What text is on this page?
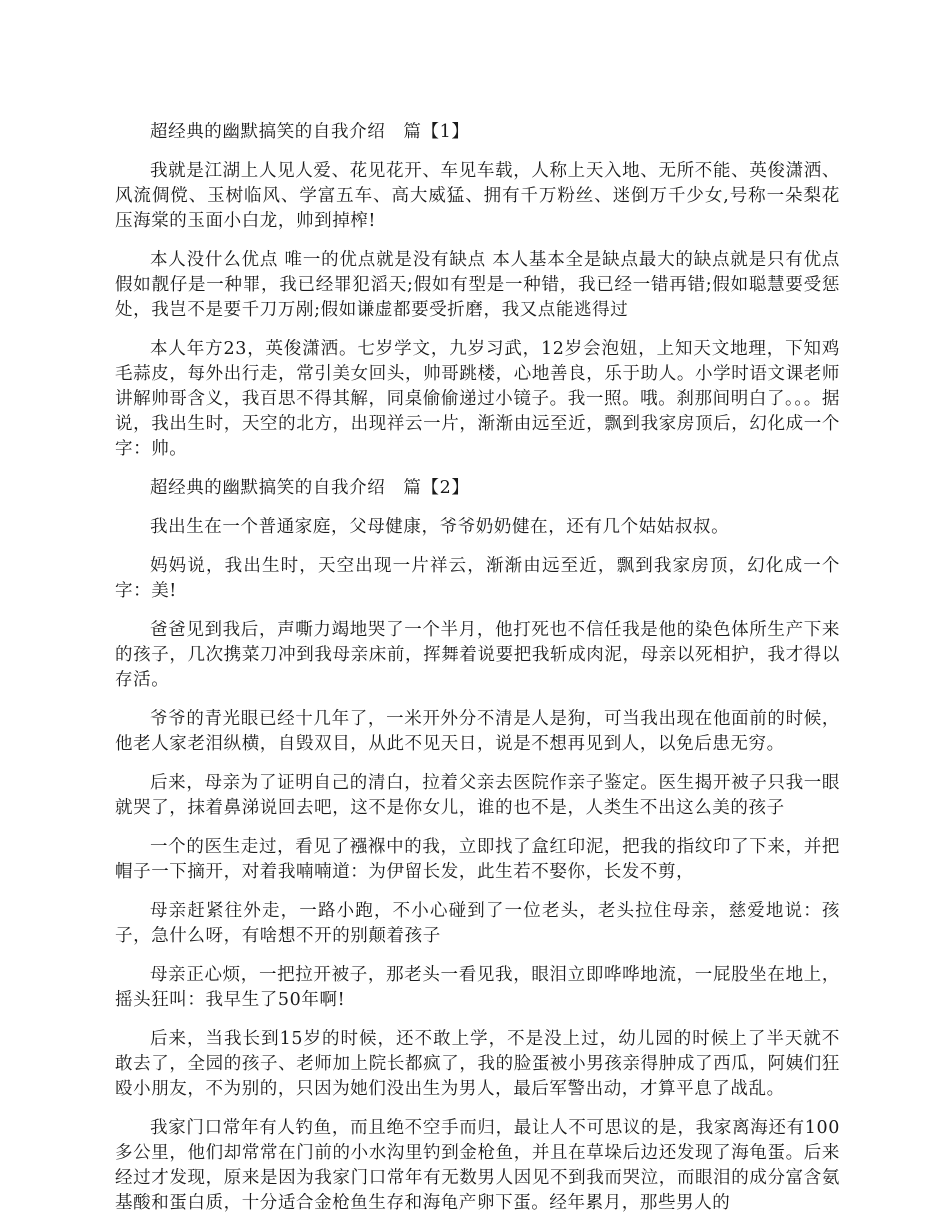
超经典的幽默搞笑的自我介绍　篇【1】

我就是江湖上人见人爱、花见花开、车见车载，人称上天入地、无所不能、英俊潇洒、风流倜傥、玉树临风、学富五车、高大威猛、拥有千万粉丝、迷倒万千少女,号称一朵梨花压海棠的玉面小白龙，帅到掉榨!

本人没什么优点 唯一的优点就是没有缺点 本人基本全是缺点最大的缺点就是只有优点假如靓仔是一种罪，我已经罪犯滔天;假如有型是一种错，我已经一错再错;假如聪慧要受惩处，我岂不是要千刀万剐;假如谦虚都要受折磨，我又点能逃得过

本人年方23，英俊潇洒。七岁学文，九岁习武，12岁会泡妞，上知天文地理，下知鸡毛蒜皮，每外出行走，常引美女回头，帅哥跳楼，心地善良，乐于助人。小学时语文课老师讲解帅哥含义，我百思不得其解，同桌偷偷递过小镜子。我一照。哦。刹那间明白了。。。据说，我出生时，天空的北方，出现祥云一片，渐渐由远至近，飘到我家房顶后，幻化成一个字：帅。

超经典的幽默搞笑的自我介绍　篇【2】

我出生在一个普通家庭，父母健康，爷爷奶奶健在，还有几个姑姑叔叔。

妈妈说，我出生时，天空出现一片祥云，渐渐由远至近，飘到我家房顶，幻化成一个字：美!

爸爸见到我后，声嘶力竭地哭了一个半月，他打死也不信任我是他的染色体所生产下来的孩子，几次携菜刀冲到我母亲床前，挥舞着说要把我斩成肉泥，母亲以死相护，我才得以存活。

爷爷的青光眼已经十几年了，一米开外分不清是人是狗，可当我出现在他面前的时候，他老人家老泪纵横，自毁双目，从此不见天日，说是不想再见到人，以免后患无穷。

后来，母亲为了证明自己的清白，拉着父亲去医院作亲子鉴定。医生揭开被子只我一眼就哭了，抹着鼻涕说回去吧，这不是你女儿，谁的也不是，人类生不出这么美的孩子

一个的医生走过，看见了襁褓中的我，立即找了盒红印泥，把我的指纹印了下来，并把帽子一下摘开，对着我喃喃道：为伊留长发，此生若不娶你，长发不剪，

母亲赶紧往外走，一路小跑，不小心碰到了一位老头，老头拉住母亲，慈爱地说：孩子，急什么呀，有啥想不开的别颠着孩子

母亲正心烦，一把拉开被子，那老头一看见我，眼泪立即哗哗地流，一屁股坐在地上，摇头狂叫：我早生了50年啊!

后来，当我长到15岁的时候，还不敢上学，不是没上过，幼儿园的时候上了半天就不敢去了，全园的孩子、老师加上院长都疯了，我的脸蛋被小男孩亲得肿成了西瓜，阿姨们狂殴小朋友，不为别的，只因为她们没出生为男人，最后军警出动，才算平息了战乱。

我家门口常年有人钓鱼，而且绝不空手而归，最让人不可思议的是，我家离海还有100多公里，他们却常常在门前的小水沟里钓到金枪鱼，并且在草垛后边还发现了海龟蛋。后来经过才发现，原来是因为我家门口常年有无数男人因见不到我而哭泣，而眼泪的成分富含氨基酸和蛋白质，十分适合金枪鱼生存和海龟产卵下蛋。经年累月，那些男人的
